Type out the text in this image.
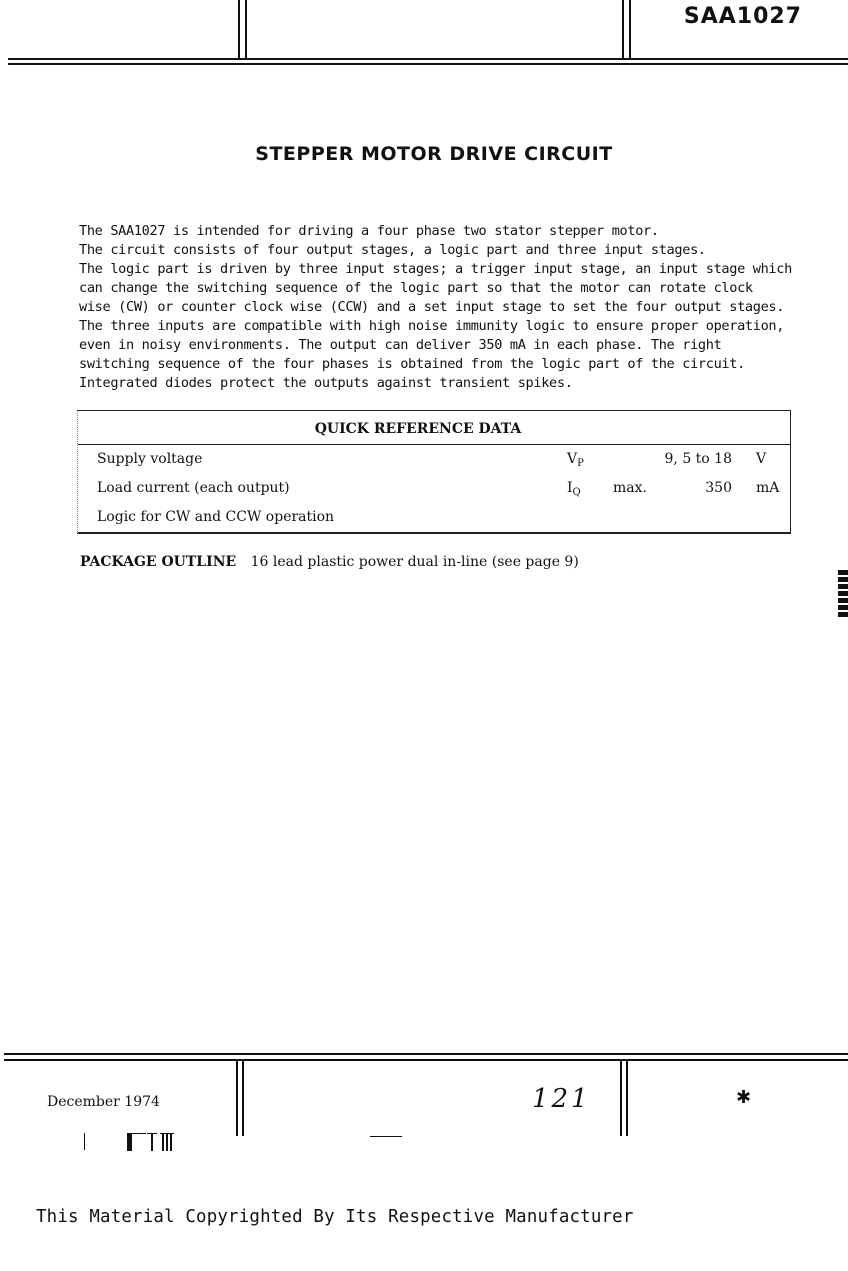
SAA1027
STEPPER MOTOR DRIVE CIRCUIT

The SAA1027 is intended for driving a four phase two stator stepper motor.

The circuit consists of four output stages, a logic part and three input stages.

The logic part is driven by three input stages; a trigger input stage, an input stage which

can change the switching sequence of the logic part so that the motor can rotate clock

wise (CW) or counter clock wise (CCW) and a set input stage to set the four output stages.

The three inputs are compatible with high noise immunity logic to ensure proper operation,

even in noisy environments. The output can deliver 350 mA in each phase. The right

switching sequence of the four phases is obtained from the logic part of the circuit.

Integrated diodes protect the outputs against transient spikes.

QUICK REFERENCE DATA
Supply voltage	$V_P$	9, 5 to 18 V
Load current (each output)	$I_Q$ max.	350 mA
Logic for CW and CCW operation
PACKAGE OUTLINE 16 lead plastic power dual in-line (see page 9)
December 1974	121	✱
This Material Copyrighted By Its Respective Manufacturer
